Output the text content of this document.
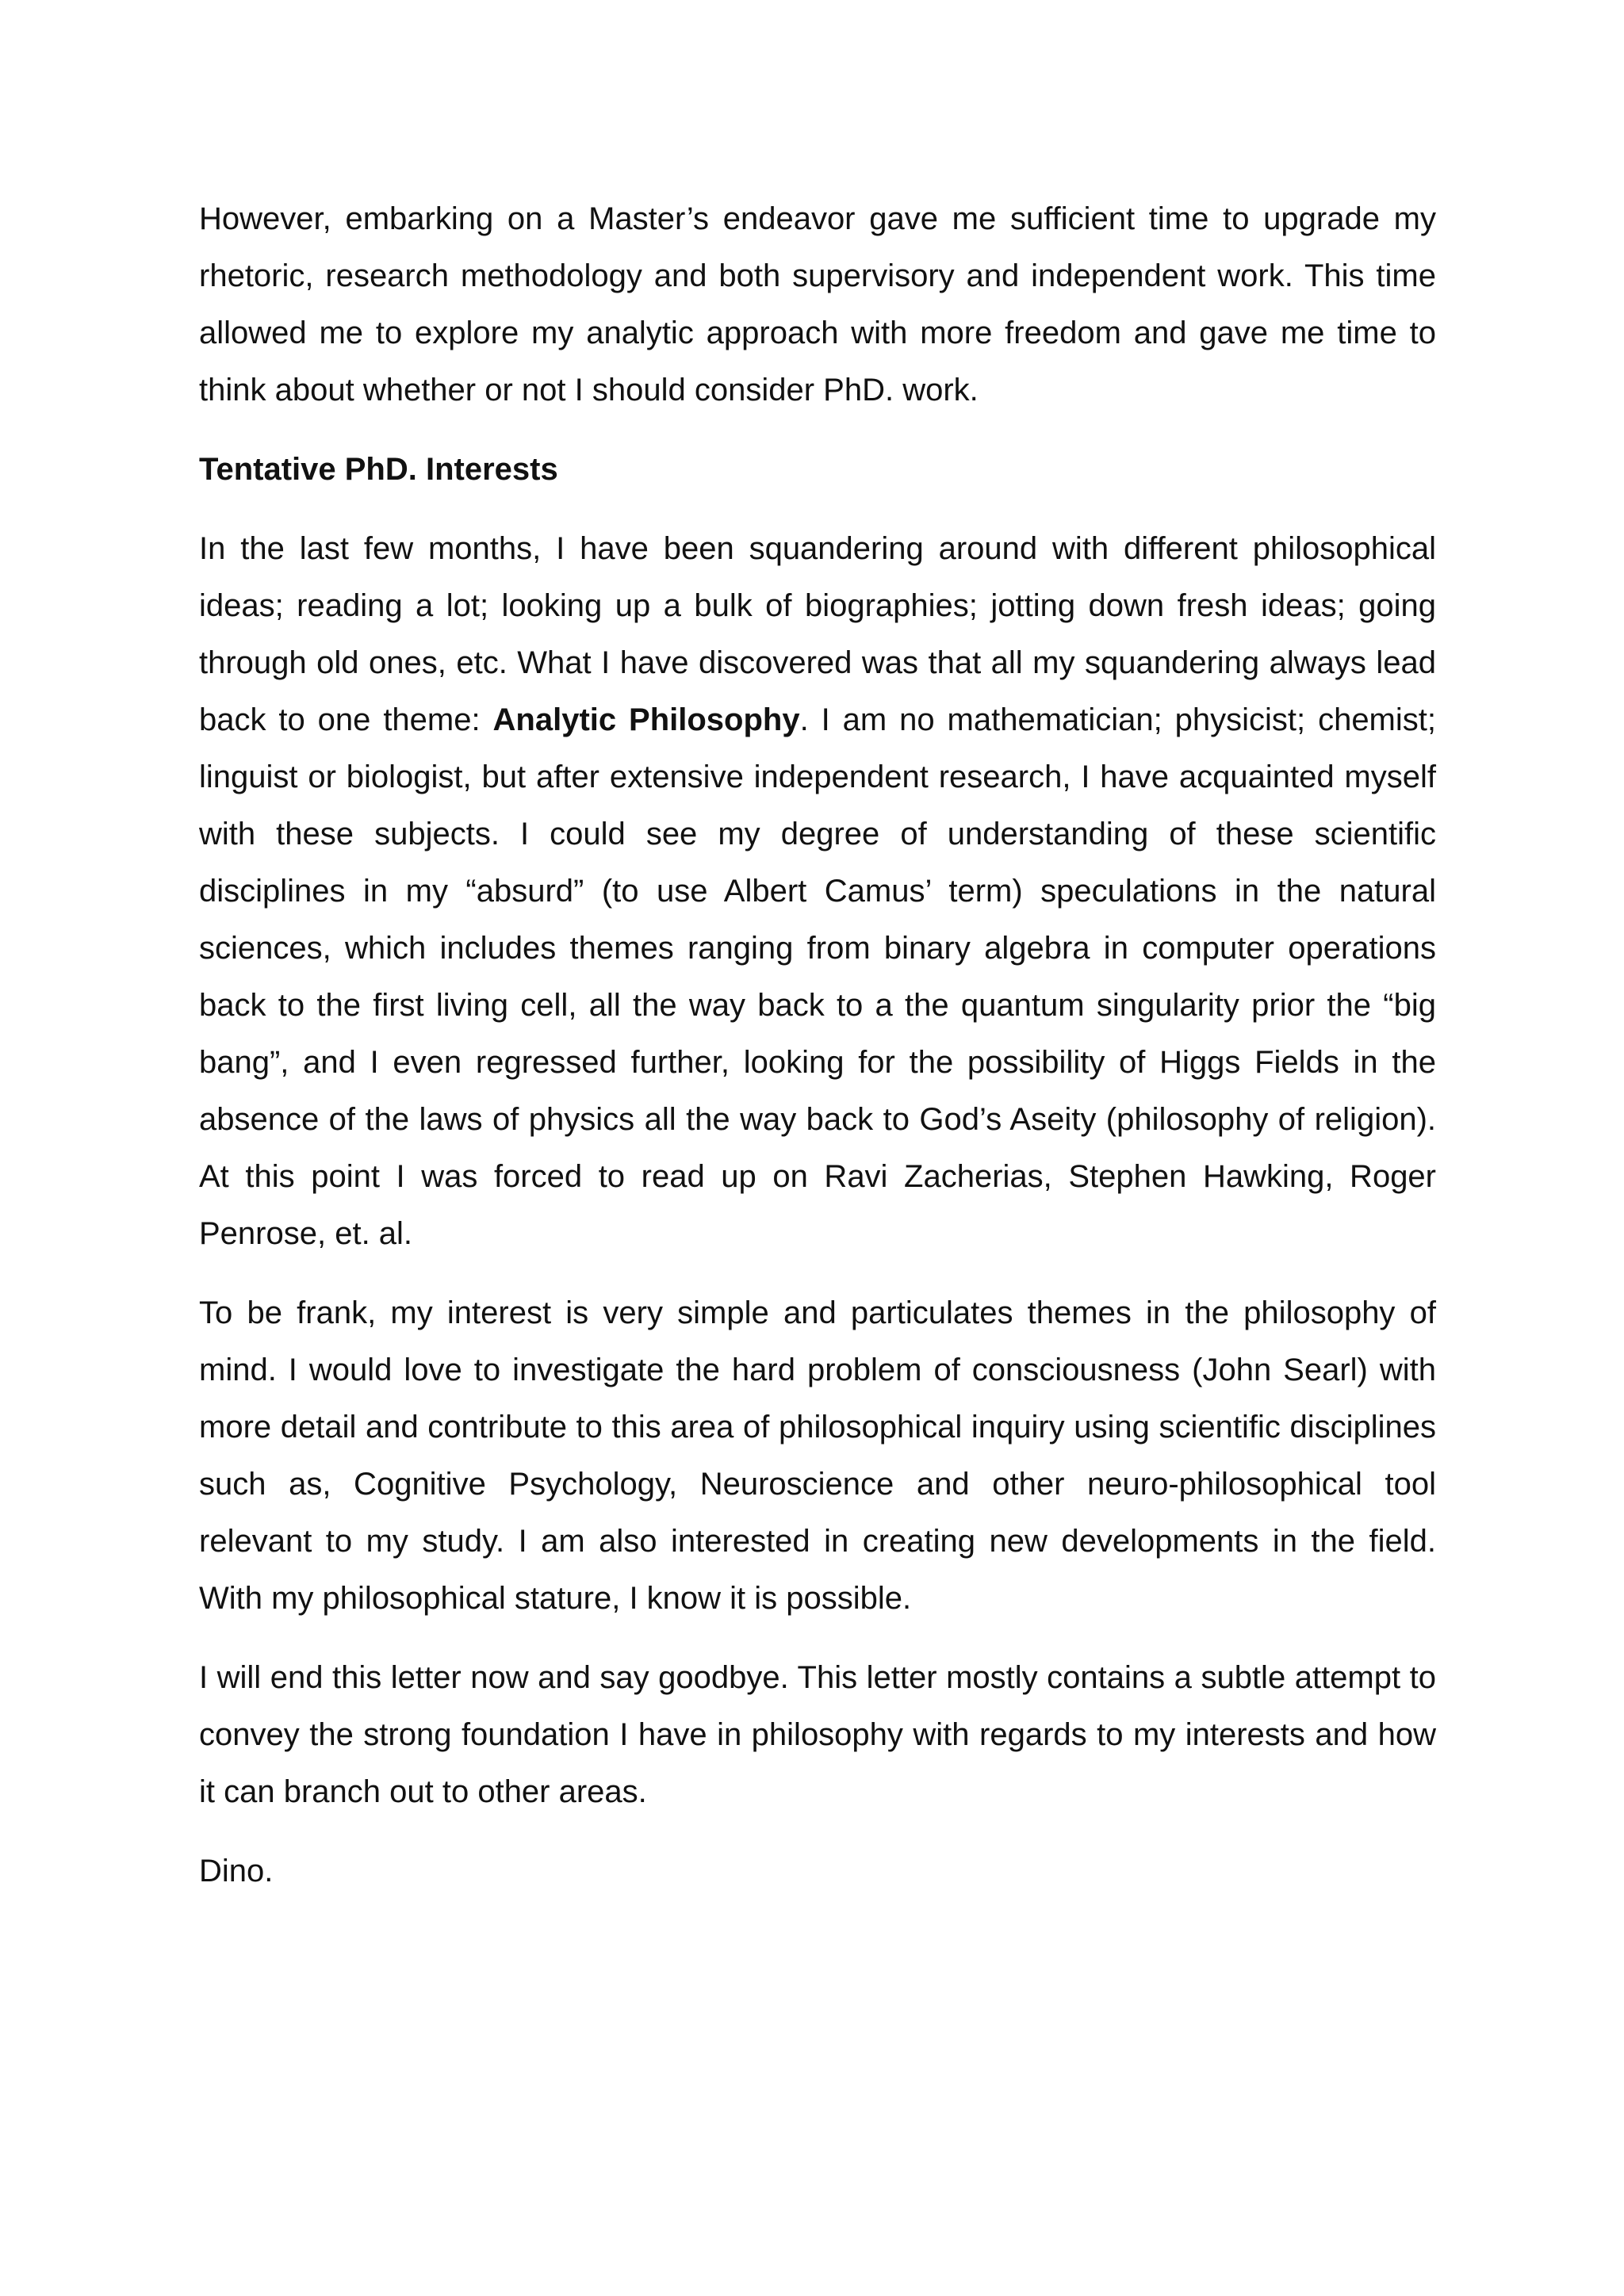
However, embarking on a Master’s endeavor gave me sufficient time to upgrade my rhetoric, research methodology and both supervisory and independent work. This time allowed me to explore my analytic approach with more freedom and gave me time to think about whether or not I should consider PhD. work.

Tentative PhD. Interests

In the last few months, I have been squandering around with different philosophical ideas; reading a lot; looking up a bulk of biographies; jotting down fresh ideas; going through old ones, etc. What I have discovered was that all my squandering always lead back to one theme: Analytic Philosophy. I am no mathematician; physicist; chemist; linguist or biologist, but after extensive independent research, I have acquainted myself with these subjects. I could see my degree of understanding of these scientific disciplines in my “absurd” (to use Albert Camus’ term) speculations in the natural sciences, which includes themes ranging from binary algebra in computer operations back to the first living cell, all the way back to a the quantum singularity prior the “big bang”, and I even regressed further, looking for the possibility of Higgs Fields in the absence of the laws of physics all the way back to God’s Aseity (philosophy of religion). At this point I was forced to read up on Ravi Zacherias, Stephen Hawking, Roger Penrose, et. al.

To be frank, my interest is very simple and particulates themes in the philosophy of mind. I would love to investigate the hard problem of consciousness (John Searl) with more detail and contribute to this area of philosophical inquiry using scientific disciplines such as, Cognitive Psychology, Neuroscience and other neuro-philosophical tool relevant to my study. I am also interested in creating new developments in the field. With my philosophical stature, I know it is possible.

I will end this letter now and say goodbye. This letter mostly contains a subtle attempt to convey the strong foundation I have in philosophy with regards to my interests and how it can branch out to other areas.

Dino.
